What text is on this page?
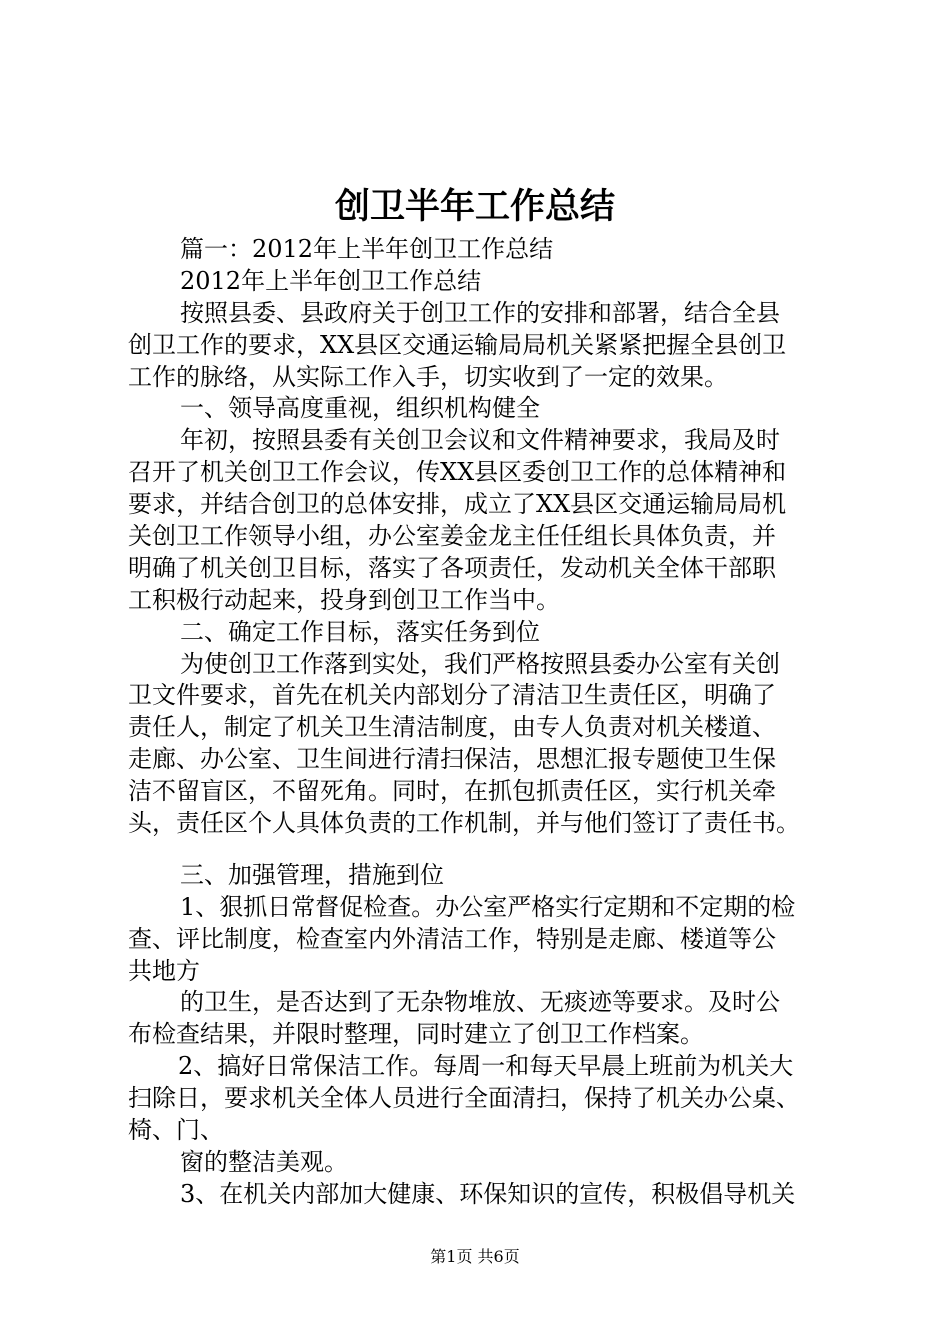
创卫半年工作总结

篇一：2012年上半年创卫工作总结

2012年上半年创卫工作总结

按照县委、县政府关于创卫工作的安排和部署，结合全县

创卫工作的要求，XX县区交通运输局局机关紧紧把握全县创卫

工作的脉络，从实际工作入手，切实收到了一定的效果。

一、领导高度重视，组织机构健全

年初，按照县委有关创卫会议和文件精神要求，我局及时

召开了机关创卫工作会议，传XX县区委创卫工作的总体精神和

要求，并结合创卫的总体安排，成立了XX县区交通运输局局机

关创卫工作领导小组，办公室姜金龙主任任组长具体负责，并

明确了机关创卫目标，落实了各项责任，发动机关全体干部职

工积极行动起来，投身到创卫工作当中。

二、确定工作目标，落实任务到位

为使创卫工作落到实处，我们严格按照县委办公室有关创

卫文件要求，首先在机关内部划分了清洁卫生责任区，明确了

责任人，制定了机关卫生清洁制度，由专人负责对机关楼道、

走廊、办公室、卫生间进行清扫保洁，思想汇报专题使卫生保

洁不留盲区，不留死角。同时，在抓包抓责任区，实行机关牵

头，责任区个人具体负责的工作机制，并与他们签订了责任书。

三、加强管理，措施到位

1、狠抓日常督促检查。办公室严格实行定期和不定期的检

查、评比制度，检查室内外清洁工作，特别是走廊、楼道等公

共地方

的卫生，是否达到了无杂物堆放、无痰迹等要求。及时公

布检查结果，并限时整理，同时建立了创卫工作档案。

2、搞好日常保洁工作。每周一和每天早晨上班前为机关大

扫除日，要求机关全体人员进行全面清扫，保持了机关办公桌、

椅、门、

窗的整洁美观。

3、在机关内部加大健康、环保知识的宣传，积极倡导机关

第1页 共6页
